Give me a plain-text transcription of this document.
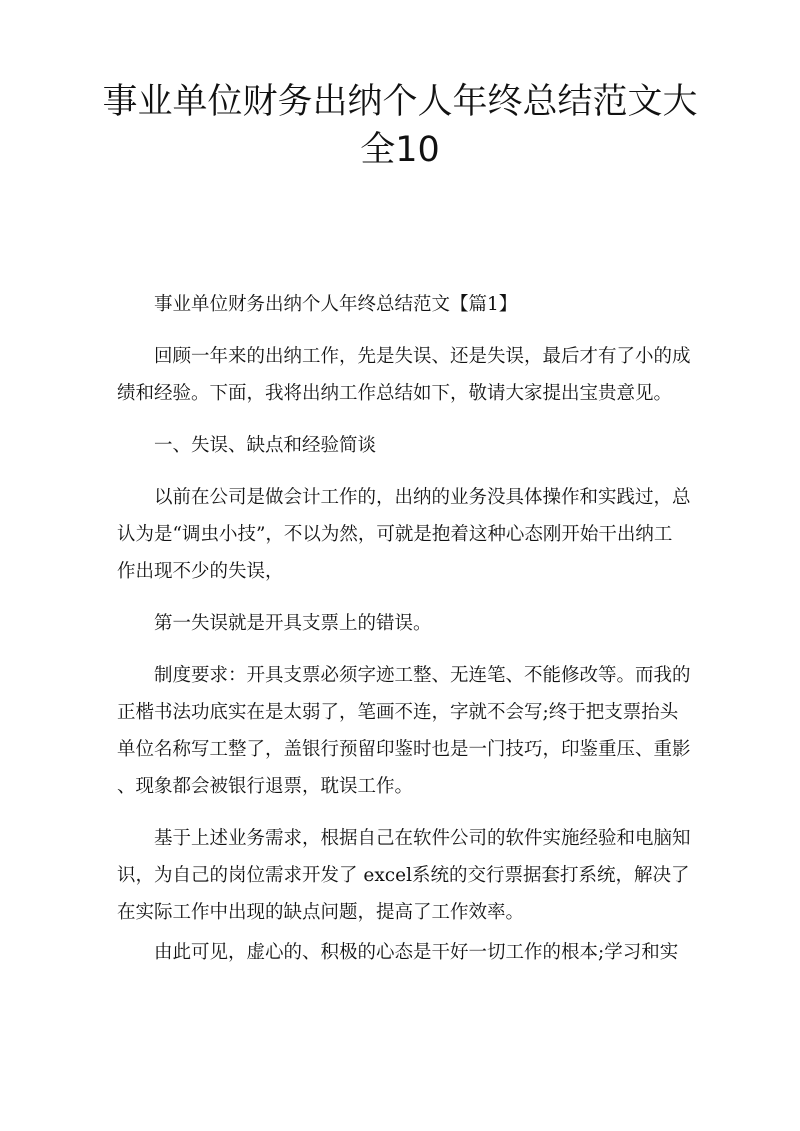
事业单位财务出纳个人年终总结范文大
全10

事业单位财务出纳个人年终总结范文【篇1】

回顾一年来的出纳工作，先是失误、还是失误，最后才有了小的成
绩和经验。下面，我将出纳工作总结如下，敬请大家提出宝贵意见。

一、失误、缺点和经验简谈

以前在公司是做会计工作的，出纳的业务没具体操作和实践过，总
认为是“调虫小技”，不以为然，可就是抱着这种心态刚开始干出纳工
作出现不少的失误，

第一失误就是开具支票上的错误。

制度要求：开具支票必须字迹工整、无连笔、不能修改等。而我的
正楷书法功底实在是太弱了，笔画不连，字就不会写;终于把支票抬头
单位名称写工整了，盖银行预留印鉴时也是一门技巧，印鉴重压、重影
、现象都会被银行退票，耽误工作。

基于上述业务需求，根据自己在软件公司的软件实施经验和电脑知
识，为自己的岗位需求开发了 excel系统的交行票据套打系统，解决了
在实际工作中出现的缺点问题，提高了工作效率。

由此可见，虚心的、积极的心态是干好一切工作的根本;学习和实
